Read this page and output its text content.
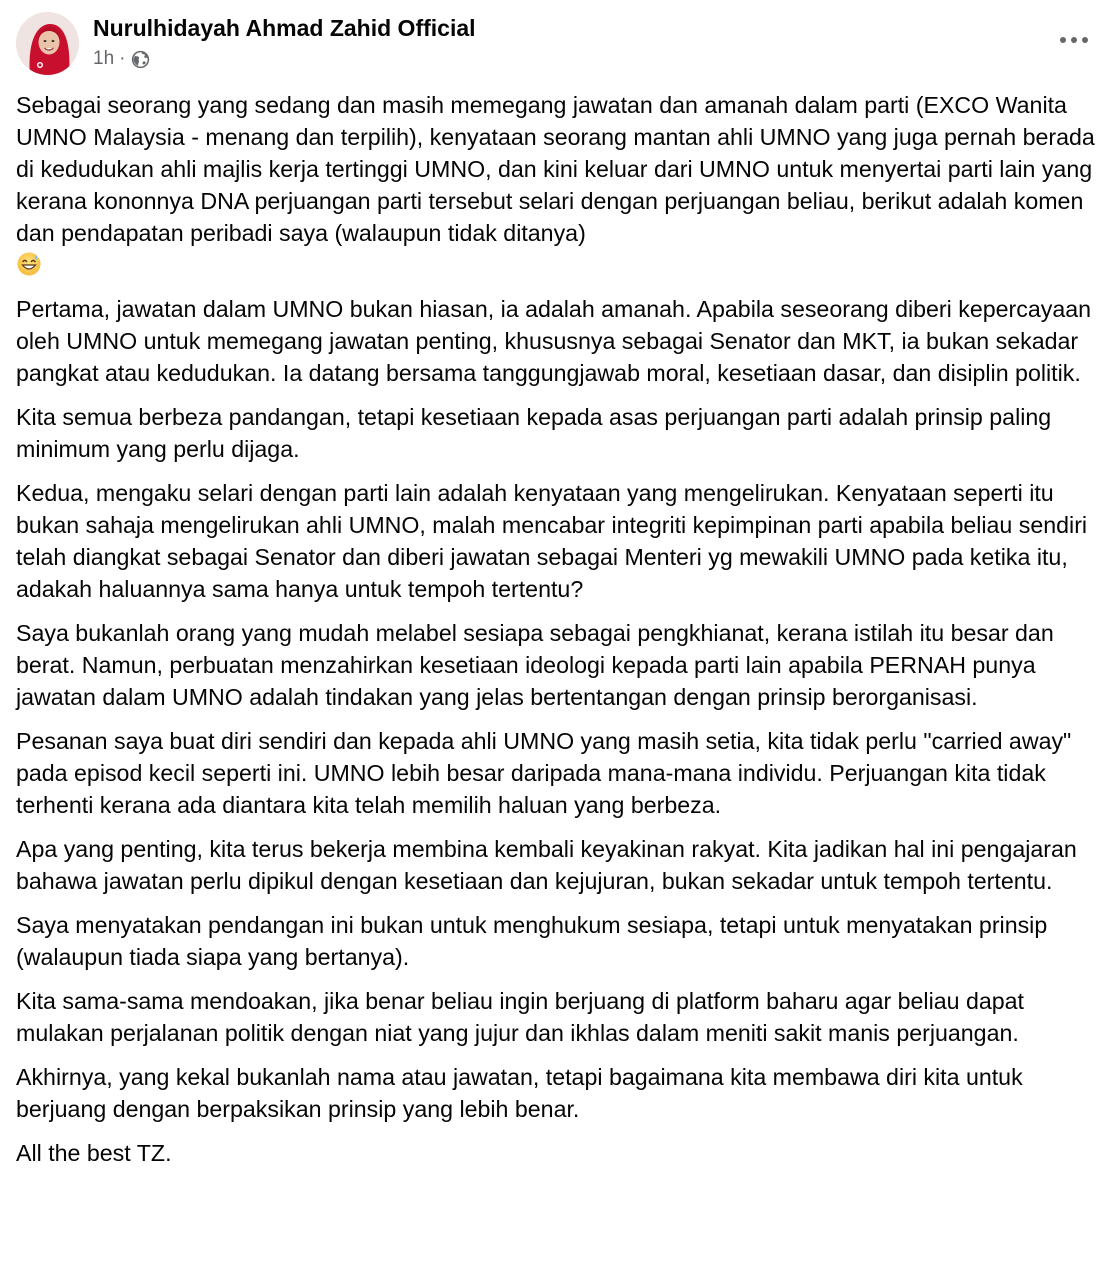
Nurulhidayah Ahmad Zahid Official
1h ·

Sebagai seorang yang sedang dan masih memegang jawatan dan amanah dalam parti (EXCO Wanita UMNO Malaysia - menang dan terpilih), kenyataan seorang mantan ahli UMNO yang juga pernah berada di kedudukan ahli majlis kerja tertinggi UMNO, dan kini keluar dari UMNO untuk menyertai parti lain yang kerana kononnya DNA perjuangan parti tersebut selari dengan perjuangan beliau, berikut adalah komen dan pendapatan peribadi saya (walaupun tidak ditanya)

Pertama, jawatan dalam UMNO bukan hiasan, ia adalah amanah. Apabila seseorang diberi kepercayaan oleh UMNO untuk memegang jawatan penting, khususnya sebagai Senator dan MKT, ia bukan sekadar pangkat atau kedudukan. Ia datang bersama tanggungjawab moral, kesetiaan dasar, dan disiplin politik.

Kita semua berbeza pandangan, tetapi kesetiaan kepada asas perjuangan parti adalah prinsip paling minimum yang perlu dijaga.

Kedua, mengaku selari dengan parti lain adalah kenyataan yang mengelirukan. Kenyataan seperti itu bukan sahaja mengelirukan ahli UMNO, malah mencabar integriti kepimpinan parti apabila beliau sendiri telah diangkat sebagai Senator dan diberi jawatan sebagai Menteri yg mewakili UMNO pada ketika itu, adakah haluannya sama hanya untuk tempoh tertentu?

Saya bukanlah orang yang mudah melabel sesiapa sebagai pengkhianat, kerana istilah itu besar dan berat. Namun, perbuatan menzahirkan kesetiaan ideologi kepada parti lain apabila PERNAH punya jawatan dalam UMNO adalah tindakan yang jelas bertentangan dengan prinsip berorganisasi.

Pesanan saya buat diri sendiri dan kepada ahli UMNO yang masih setia, kita tidak perlu "carried away" pada episod kecil seperti ini. UMNO lebih besar daripada mana-mana individu. Perjuangan kita tidak terhenti kerana ada diantara kita telah memilih haluan yang berbeza.

Apa yang penting, kita terus bekerja membina kembali keyakinan rakyat. Kita jadikan hal ini pengajaran bahawa jawatan perlu dipikul dengan kesetiaan dan kejujuran, bukan sekadar untuk tempoh tertentu.

Saya menyatakan pendangan ini bukan untuk menghukum sesiapa, tetapi untuk menyatakan prinsip (walaupun tiada siapa yang bertanya).

Kita sama-sama mendoakan, jika benar beliau ingin berjuang di platform baharu agar beliau dapat mulakan perjalanan politik dengan niat yang jujur dan ikhlas dalam meniti sakit manis perjuangan.

Akhirnya, yang kekal bukanlah nama atau jawatan, tetapi bagaimana kita membawa diri kita untuk berjuang dengan berpaksikan prinsip yang lebih benar.

All the best TZ.
